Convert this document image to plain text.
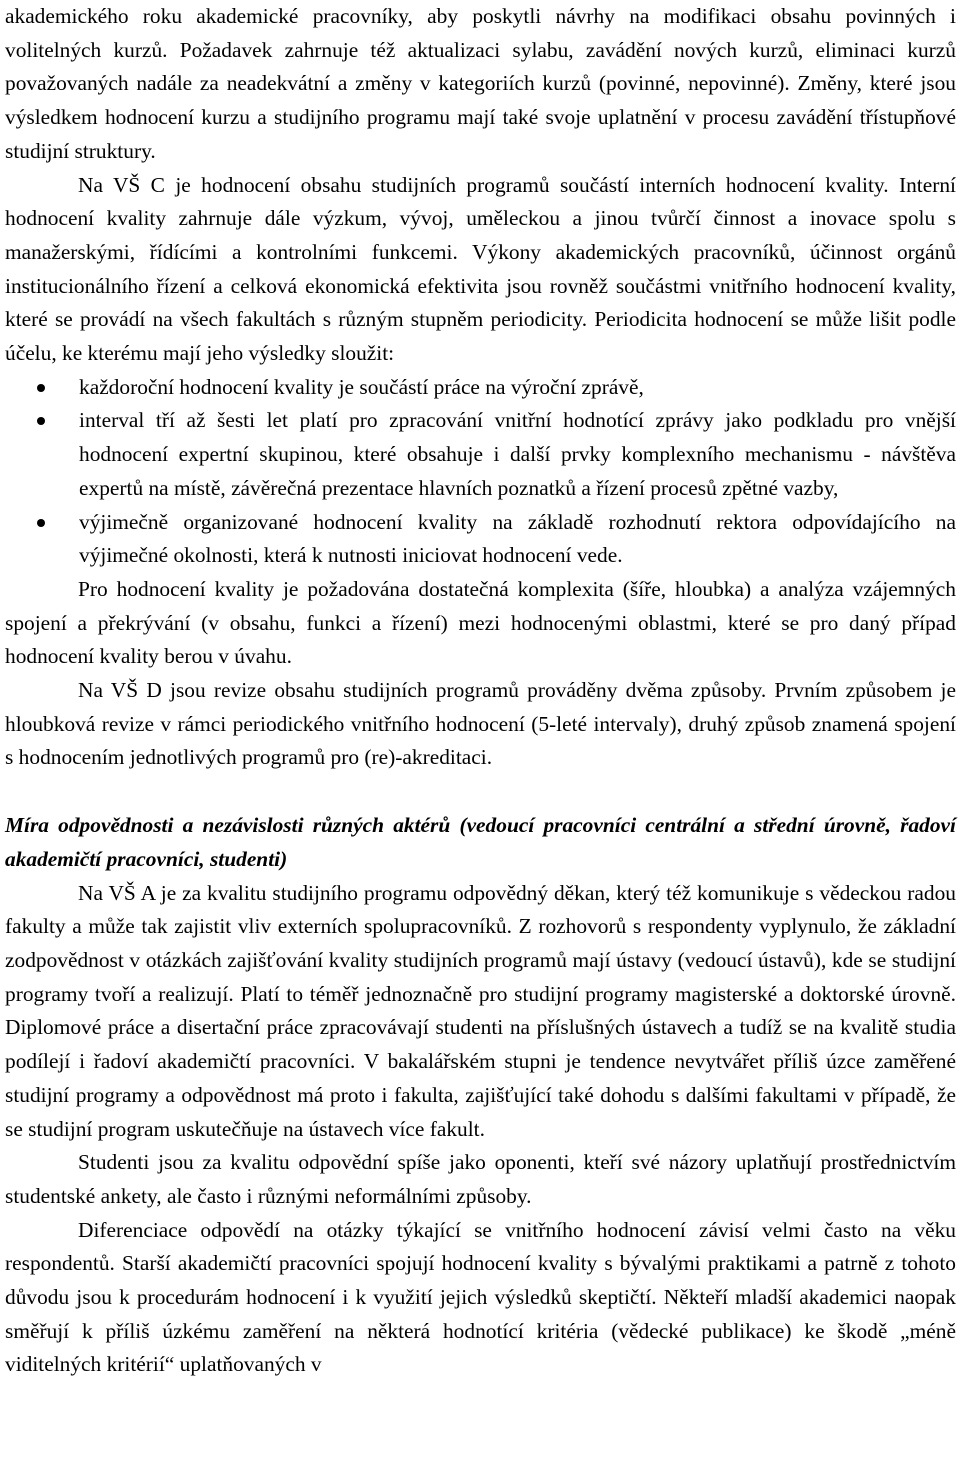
akademického roku akademické pracovníky, aby poskytli návrhy na modifikaci obsahu povinných i volitelných kurzů. Požadavek zahrnuje též aktualizaci sylabu, zavádění nových kurzů, eliminaci kurzů považovaných nadále za neadekvátní a změny v kategoriích kurzů (povinné, nepovinné). Změny, které jsou výsledkem hodnocení kurzu a studijního programu mají také svoje uplatnění v procesu zavádění třístupňové studijní struktury.

Na VŠ C je hodnocení obsahu studijních programů součástí interních hodnocení kvality. Interní hodnocení kvality zahrnuje dále výzkum, vývoj, uměleckou a jinou tvůrčí činnost a inovace spolu s manažerskými, řídícími a kontrolními funkcemi. Výkony akademických pracovníků, účinnost orgánů institucionálního řízení a celková ekonomická efektivita jsou rovněž součástmi vnitřního hodnocení kvality, které se provádí na všech fakultách s různým stupněm periodicity. Periodicita hodnocení se může lišit podle účelu, ke kterému mají jeho výsledky sloužit:

každoroční hodnocení kvality je součástí práce na výroční zprávě,
interval tří až šesti let platí pro zpracování vnitřní hodnotící zprávy jako podkladu pro vnější hodnocení expertní skupinou, které obsahuje i další prvky komplexního mechanismu - návštěva expertů na místě, závěrečná prezentace hlavních poznatků a řízení procesů zpětné vazby,
výjimečně organizované hodnocení kvality na základě rozhodnutí rektora odpovídajícího na výjimečné okolnosti, která k nutnosti iniciovat hodnocení vede.

Pro hodnocení kvality je požadována dostatečná komplexita (šíře, hloubka) a analýza vzájemných spojení a překrývání (v obsahu, funkci a řízení) mezi hodnocenými oblastmi, které se pro daný případ hodnocení kvality berou v úvahu.

Na VŠ D jsou revize obsahu studijních programů prováděny dvěma způsoby. Prvním způsobem je hloubková revize v rámci periodického vnitřního hodnocení (5-leté intervaly), druhý způsob znamená spojení s hodnocením jednotlivých programů pro (re)-akreditaci.

Míra odpovědnosti a nezávislosti různých aktérů (vedoucí pracovníci centrální a střední úrovně, řadoví akademičtí pracovníci, studenti)

Na VŠ A je za kvalitu studijního programu odpovědný děkan, který též komunikuje s vědeckou radou fakulty a může tak zajistit vliv externích spolupracovníků. Z rozhovorů s respondenty vyplynulo, že základní zodpovědnost v otázkách zajišťování kvality studijních programů mají ústavy (vedoucí ústavů), kde se studijní programy tvoří a realizují. Platí to téměř jednoznačně pro studijní programy magisterské a doktorské úrovně. Diplomové práce a disertační práce zpracovávají studenti na příslušných ústavech a tudíž se na kvalitě studia podílejí i řadoví akademičtí pracovníci. V bakalářském stupni je tendence nevytvářet příliš úzce zaměřené studijní programy a odpovědnost má proto i fakulta, zajišťující také dohodu s dalšími fakultami v případě, že se studijní program uskutečňuje na ústavech více fakult.

Studenti jsou za kvalitu odpovědní spíše jako oponenti, kteří své názory uplatňují prostřednictvím studentské ankety, ale často i různými neformálními způsoby.

Diferenciace odpovědí na otázky týkající se vnitřního hodnocení závisí velmi často na věku respondentů. Starší akademičtí pracovníci spojují hodnocení kvality s bývalými praktikami a patrně z tohoto důvodu jsou k procedurám hodnocení i k využití jejich výsledků skeptičtí. Někteří mladší akademici naopak směřují k příliš úzkému zaměření na některá hodnotící kritéria (vědecké publikace) ke škodě „méně viditelných kritérií“ uplatňovaných v
